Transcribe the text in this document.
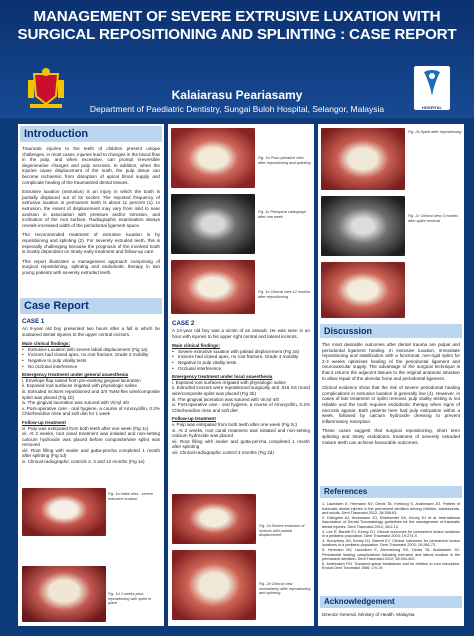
MANAGEMENT OF SEVERE EXTRUSIVE LUXATION WITH
SURGICAL REPOSITIONING AND SPLINTING : CASE REPORT
Kalaiarasu Peariasamy
Department of Paediatric Dentistry, Sungai Buloh Hospital, Selangor, Malaysia	HOSPITAL
Introduction

Traumatic injuries to the teeth of children present unique challenges, in most cases, injuries lead to changes in the blood flow in the pulp, and when excessive, can prompt irreversible degenerative changes and pulp necrosis. In addition, when the injuries cause displacement of the tooth, the pulp tissue can become ischaemic from disruption of apical blood supply and complicate healing of the traumatized dental tissues.

Extrusive luxation (extrusion) is an injury in which the tooth is partially displaced out of its socket. The reported frequency of extrusive luxation in permanent teeth is about 11 percent (1). In extrusion, the extent of displacement may vary from mild to near avulsion in association with pressure and/or intrusion, and inclination of the root surface. Radiographic examination always reveals increased width of the periodontal ligament space.

The recommended treatment of extrusive luxation is by repositioning and splinting (2). For severely extruded teeth, this is especially challenging because the prognosis of the involved tooth is mostly dependent on timely early treatment and follow-up care.

This report illustrates a management approach comprising of surgical repositioning, splinting and endodontic therapy in two young patients with severely extruded teeth.

Case Report
CASE 1

An 8-year old boy presented two hours after a fall in which he sustained dental injuries to the upper central incisors.

Main clinical findings:
• Extrusive Luxation with severe labial displacement (Fig 1a)
• Incisors had closed apex, no root fracture, Grade 3 mobility
• Negative to pulp vitality tests
• No occlusal interference
Emergency treatment under general anaesthesia
i. Envelope flap raised from pre-existing gingival laceration
ii. Exposed root surfaces irrigated with physiologic saline
iii. Extruded incisors repositioned and 3/4 Twist-flex wire/composite splint was placed (Fig 1b)
iv. The gingival laceration was sutured with Vicryl 4/0
v. Post-operative care - oral hygiene, a course of Amoxycillin, 0.2% Chlorhexidine rinse and soft diet for 1 week
Follow-up treatment
vi. Pulp was extirpated from both teeth after one week (Fig 1c)
vii. At 2 weeks, root canal treatment was initiated and non-setting calcium hydroxide was placed before composite/wire splint was removed
viii. Root filling with sealer and gutta-percha completed 1 month after splinting (Fig 1d)
ix. Clinical-radiographic controls 2, 3 and 12 months (Fig 1e)
Fig. 1a Initial view - severe extrusive luxation
Fig. 1d 3 weeks post-repositioning with splint in place
Fig. 1b Post-operative view after repositioning and splinting
Fig. 1c Periapical radiograph after one week
Fig. 1e Clinical view 12 months after repositioning
CASE 2

A 14-year old boy was a victim of an assault. He was seen in an hour with injuries to his upper right central and lateral incisors.

Main clinical findings:
• Severe extrusive luxation with palatal displacement (Fig 2a)
• Incisors had closed apex, no root fracture, Grade 3 mobility
• Negative to pulp vitality tests
• Occlusal interference
Emergency treatment under local anaesthesia
i. Exposed root surfaces irrigated with physiologic saline
ii. Extruded incisors were repositioned surgically and .016 SS round wire/composite splint was placed (Fig 2b)
iii. The gingival laceration was sutured with Vicryl 4/0
iv. Post-operative care - oral hygiene, a course of Amoxycillin, 0.2% Chlorhexidine rinse and soft diet
Follow-up treatment
v. Pulp was extirpated from both teeth after one week (Fig 2c)
vi. At 2 weeks, root canal treatment was initiated and non-setting calcium hydroxide was placed
vii. Root filling with sealer and gutta-percha completed 1 month after splinting
viii. Clinical-radiographic control 3 months (Fig 2d)
Fig. 2a Severe extrusion of incisors with palatal displacement
Fig. 2d Clinical view immediately after repositioning and splinting
Fig. 2b Splint after repositioning
Fig. 2c Clinical view 3 months after splint removal
Discussion

The most desirable outcomes after dental trauma are pulpal and periodontal ligament healing. In extrusive luxation, immediate repositioning and stabilization with a functional, non-rigid splint for 2-3 weeks optimises healing of the periodontal ligament and neurovascular supply. The advantage of the surgical technique is that it returns the adjacent tissues to the original anatomic situation to allow repair of the alveolar bone and periodontal ligament.

Clinical evidence show that the risk of severe periodontal healing complications in extrusive luxation is generally low (4). However, in cases of late treatment or splint removal, pulp vitality testing is not reliable and the tooth requires endodontic therapy when signs of necrosis appear. Both patients here had pulp extirpation within a week, followed by calcium hydroxide dressing to prevent inflammatory resorption.

These cases suggest that surgical repositioning, short term splinting and timely endodontic treatment of severely extruded mature teeth can achieve favourable outcomes.

References
1. Lauridsen E, Hermann NV, Gerds TA, Kreiborg S, Andreasen JO. Pattern of traumatic dental injuries in the permanent dentition among children, adolescents, and adults. Dent Traumatol 2012; 28:358-63.
2. DiAngelis AJ, Andreasen JO, Ebeleseder KA, Kenny DJ et al. International Association of Dental Traumatology guidelines for the management of traumatic dental injuries. Dent Traumatol 2012; 28:2-12.
3. Lee R, Barrett EJ, Kenny DJ. Clinical outcomes for permanent incisor luxations in a pediatric population. Dent Traumatol 2003; 19:274-9.
4. Humphrey JM, Kenny DJ, Barrett EJ. Clinical outcomes for permanent incisor luxations in a pediatric population. Dent Traumatol 2003; 19:266-73.
5. Hermann NV, Lauridsen E, Ahrensburg SS, Gerds TA, Andreasen JO. Periodontal healing complications following extrusive and lateral luxation in the permanent dentition. Dent Traumatol 2012; 28:394-402.
6. Andreasen FM. Transient apical breakdown and its relation to root resorption. Endod Dent Traumatol 1986; 2:9-19.
Acknowledgement
Director General, Ministry of Health, Malaysia
